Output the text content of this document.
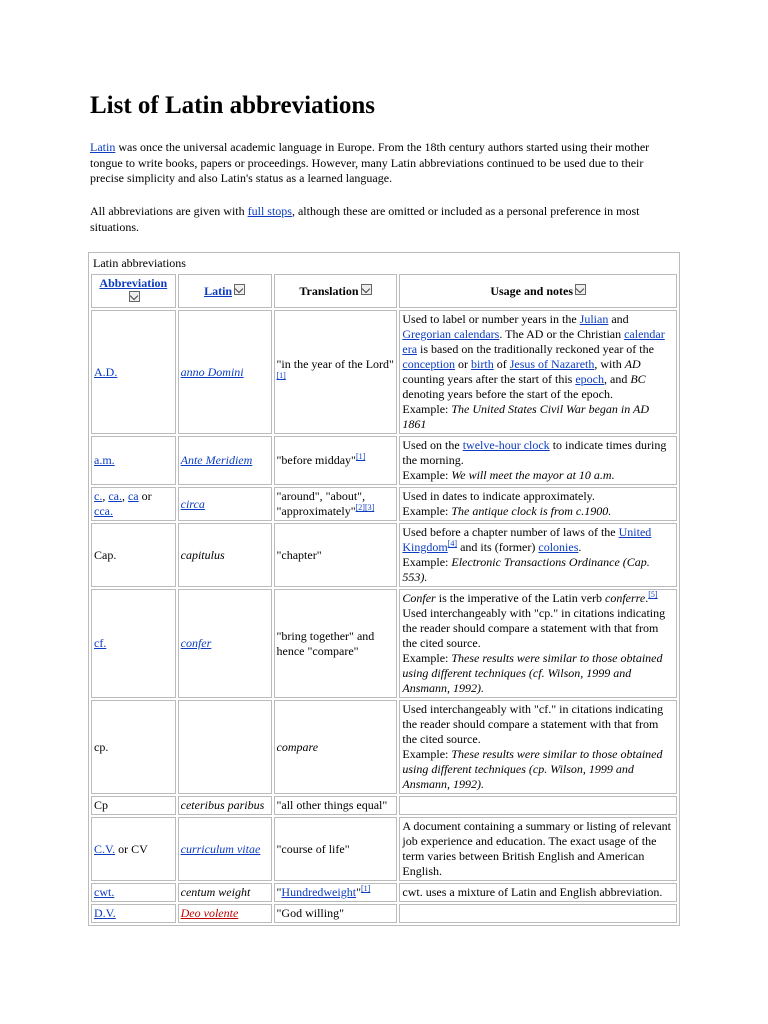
List of Latin abbreviations

Latin was once the universal academic language in Europe. From the 18th century authors started using their mother tongue to write books, papers or proceedings. However, many Latin abbreviations continued to be used due to their precise simplicity and also Latin's status as a learned language.

All abbreviations are given with full stops, although these are omitted or included as a personal preference in most situations.

Latin abbreviations			
Abbreviation	Latin	Translation	Usage and notes
A.D.	anno Domini	"in the year of the Lord"[1]	Used to label or number years in the Julian and Gregorian calendars. The AD or the Christian calendar era is based on the traditionally reckoned year of the conception or birth of Jesus of Nazareth, with AD counting years after the start of this epoch, and BC denoting years before the start of the epoch.
Example: The United States Civil War began in AD 1861
a.m.	Ante Meridiem	"before midday"[1]	Used on the twelve-hour clock to indicate times during the morning.
Example: We will meet the mayor at 10 a.m.
c., ca., ca or cca.	circa	"around", "about", "approximately"[2][3]	Used in dates to indicate approximately.
Example: The antique clock is from c.1900.
Cap.	capitulus	"chapter"	Used before a chapter number of laws of the United Kingdom[4] and its (former) colonies.
Example: Electronic Transactions Ordinance (Cap. 553).
cf.	confer	"bring together" and hence "compare"	Confer is the imperative of the Latin verb conferre.[5]
Used interchangeably with "cp." in citations indicating the reader should compare a statement with that from the cited source.
Example: These results were similar to those obtained using different techniques (cf. Wilson, 1999 and Ansmann, 1992).
cp.		compare	Used interchangeably with "cf." in citations indicating the reader should compare a statement with that from the cited source.
Example: These results were similar to those obtained using different techniques (cp. Wilson, 1999 and Ansmann, 1992).
Cp	ceteribus paribus	"all other things equal"	
C.V. or CV	curriculum vitae	"course of life"	A document containing a summary or listing of relevant job experience and education. The exact usage of the term varies between British English and American English.
cwt.	centum weight	"Hundredweight"[1]	cwt. uses a mixture of Latin and English abbreviation.
D.V.	Deo volente	"God willing"	
